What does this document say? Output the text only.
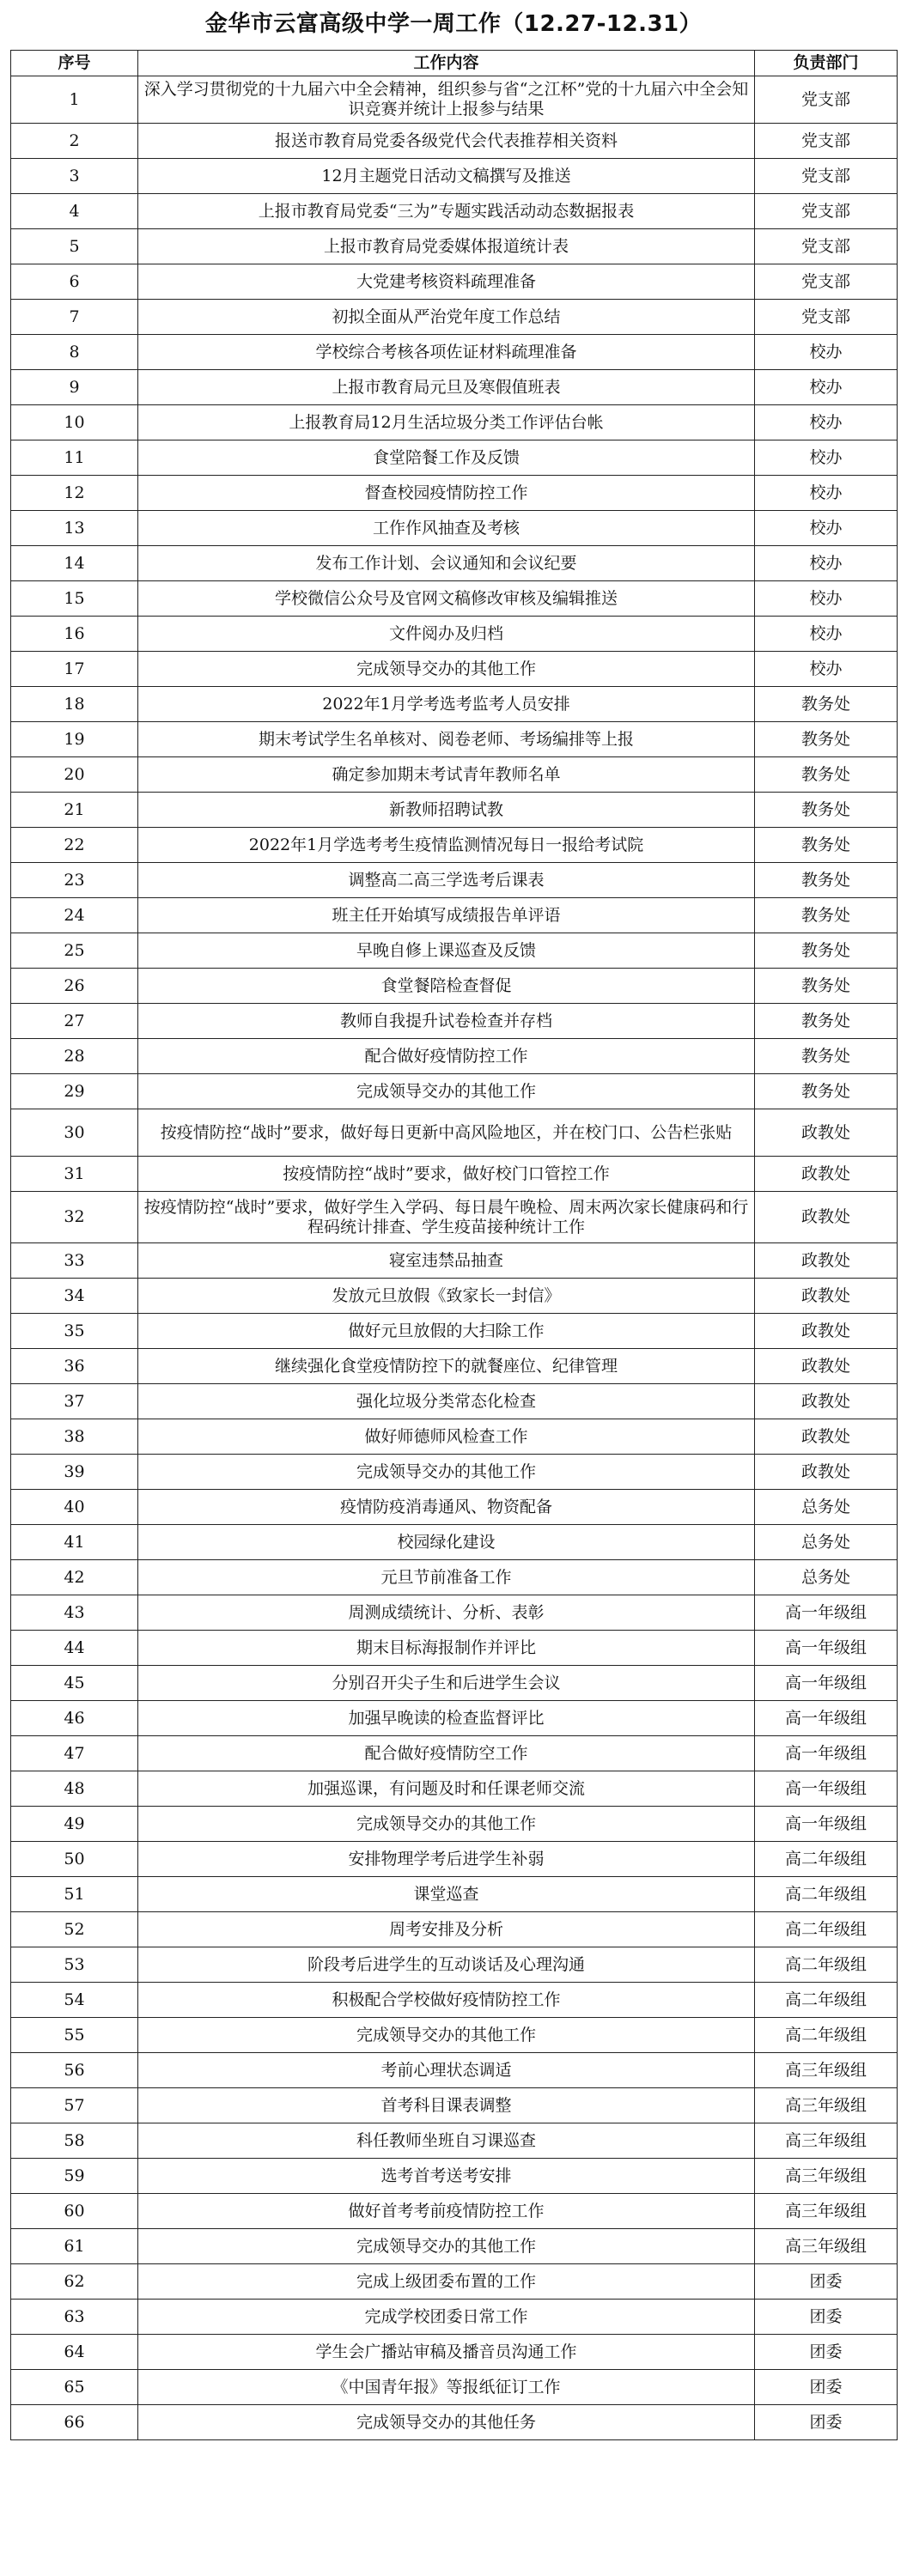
金华市云富高级中学一周工作（12.27-12.31）
序号	工作内容	负责部门
1	深入学习贯彻党的十九届六中全会精神，组织参与省“之江杯”党的十九届六中全会知识竞赛并统计上报参与结果	党支部
2	报送市教育局党委各级党代会代表推荐相关资料	党支部
3	12月主题党日活动文稿撰写及推送	党支部
4	上报市教育局党委“三为”专题实践活动动态数据报表	党支部
5	上报市教育局党委媒体报道统计表	党支部
6	大党建考核资料疏理准备	党支部
7	初拟全面从严治党年度工作总结	党支部
8	学校综合考核各项佐证材料疏理准备	校办
9	上报市教育局元旦及寒假值班表	校办
10	上报教育局12月生活垃圾分类工作评估台帐	校办
11	食堂陪餐工作及反馈	校办
12	督查校园疫情防控工作	校办
13	工作作风抽查及考核	校办
14	发布工作计划、会议通知和会议纪要	校办
15	学校微信公众号及官网文稿修改审核及编辑推送	校办
16	文件阅办及归档	校办
17	完成领导交办的其他工作	校办
18	2022年1月学考选考监考人员安排	教务处
19	期末考试学生名单核对、阅卷老师、考场编排等上报	教务处
20	确定参加期末考试青年教师名单	教务处
21	新教师招聘试教	教务处
22	2022年1月学选考考生疫情监测情况每日一报给考试院	教务处
23	调整高二高三学选考后课表	教务处
24	班主任开始填写成绩报告单评语	教务处
25	早晚自修上课巡查及反馈	教务处
26	食堂餐陪检查督促	教务处
27	教师自我提升试卷检查并存档	教务处
28	配合做好疫情防控工作	教务处
29	完成领导交办的其他工作	教务处
30	按疫情防控“战时”要求，做好每日更新中高风险地区，并在校门口、公告栏张贴	政教处
31	按疫情防控“战时”要求，做好校门口管控工作	政教处
32	按疫情防控“战时”要求，做好学生入学码、每日晨午晚检、周末两次家长健康码和行程码统计排查、学生疫苗接种统计工作	政教处
33	寝室违禁品抽查	政教处
34	发放元旦放假《致家长一封信》	政教处
35	做好元旦放假的大扫除工作	政教处
36	继续强化食堂疫情防控下的就餐座位、纪律管理	政教处
37	强化垃圾分类常态化检查	政教处
38	做好师德师风检查工作	政教处
39	完成领导交办的其他工作	政教处
40	疫情防疫消毒通风、物资配备	总务处
41	校园绿化建设	总务处
42	元旦节前准备工作	总务处
43	周测成绩统计、分析、表彰	高一年级组
44	期末目标海报制作并评比	高一年级组
45	分别召开尖子生和后进学生会议	高一年级组
46	加强早晚读的检查监督评比	高一年级组
47	配合做好疫情防空工作	高一年级组
48	加强巡课，有问题及时和任课老师交流	高一年级组
49	完成领导交办的其他工作	高一年级组
50	安排物理学考后进学生补弱	高二年级组
51	课堂巡查	高二年级组
52	周考安排及分析	高二年级组
53	阶段考后进学生的互动谈话及心理沟通	高二年级组
54	积极配合学校做好疫情防控工作	高二年级组
55	完成领导交办的其他工作	高二年级组
56	考前心理状态调适	高三年级组
57	首考科目课表调整	高三年级组
58	科任教师坐班自习课巡查	高三年级组
59	选考首考送考安排	高三年级组
60	做好首考考前疫情防控工作	高三年级组
61	完成领导交办的其他工作	高三年级组
62	完成上级团委布置的工作	团委
63	完成学校团委日常工作	团委
64	学生会广播站审稿及播音员沟通工作	团委
65	《中国青年报》等报纸征订工作	团委
66	完成领导交办的其他任务	团委
